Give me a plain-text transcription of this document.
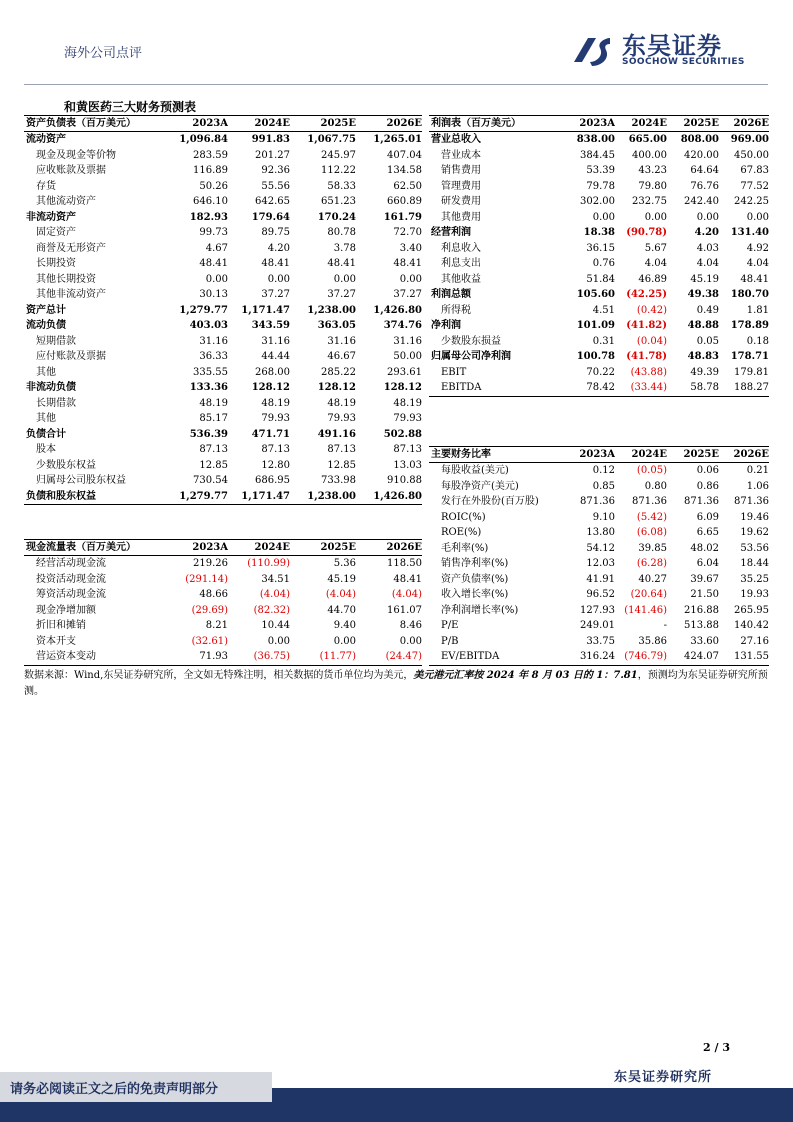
海外公司点评	东吴证券
SOOCHOW SECURITIES
和黄医药三大财务预测表
资产负债表（百万美元）	2023A	2024E	2025E	2026E
流动资产	1,096.84	991.83	1,067.75	1,265.01
现金及现金等价物	283.59	201.27	245.97	407.04
应收账款及票据	116.89	92.36	112.22	134.58
存货	50.26	55.56	58.33	62.50
其他流动资产	646.10	642.65	651.23	660.89
非流动资产	182.93	179.64	170.24	161.79
固定资产	99.73	89.75	80.78	72.70
商誉及无形资产	4.67	4.20	3.78	3.40
长期投资	48.41	48.41	48.41	48.41
其他长期投资	0.00	0.00	0.00	0.00
其他非流动资产	30.13	37.27	37.27	37.27
资产总计	1,279.77	1,171.47	1,238.00	1,426.80
流动负债	403.03	343.59	363.05	374.76
短期借款	31.16	31.16	31.16	31.16
应付账款及票据	36.33	44.44	46.67	50.00
其他	335.55	268.00	285.22	293.61
非流动负债	133.36	128.12	128.12	128.12
长期借款	48.19	48.19	48.19	48.19
其他	85.17	79.93	79.93	79.93
负债合计	536.39	471.71	491.16	502.88
股本	87.13	87.13	87.13	87.13
少数股东权益	12.85	12.80	12.85	13.03
归属母公司股东权益	730.54	686.95	733.98	910.88
负债和股东权益	1,279.77	1,171.47	1,238.00	1,426.80
利润表（百万美元）	2023A	2024E	2025E	2026E
营业总收入	838.00	665.00	808.00	969.00
营业成本	384.45	400.00	420.00	450.00
销售费用	53.39	43.23	64.64	67.83
管理费用	79.78	79.80	76.76	77.52
研发费用	302.00	232.75	242.40	242.25
其他费用	0.00	0.00	0.00	0.00
经营利润	18.38	(90.78)	4.20	131.40
利息收入	36.15	5.67	4.03	4.92
利息支出	0.76	4.04	4.04	4.04
其他收益	51.84	46.89	45.19	48.41
利润总额	105.60	(42.25)	49.38	180.70
所得税	4.51	(0.42)	0.49	1.81
净利润	101.09	(41.82)	48.88	178.89
少数股东损益	0.31	(0.04)	0.05	0.18
归属母公司净利润	100.78	(41.78)	48.83	178.71
EBIT	70.22	(43.88)	49.39	179.81
EBITDA	78.42	(33.44)	58.78	188.27
主要财务比率	2023A	2024E	2025E	2026E
每股收益(美元)	0.12	(0.05)	0.06	0.21
每股净资产(美元)	0.85	0.80	0.86	1.06
发行在外股份(百万股)	871.36	871.36	871.36	871.36
ROIC(%)	9.10	(5.42)	6.09	19.46
ROE(%)	13.80	(6.08)	6.65	19.62
毛利率(%)	54.12	39.85	48.02	53.56
销售净利率(%)	12.03	(6.28)	6.04	18.44
资产负债率(%)	41.91	40.27	39.67	35.25
收入增长率(%)	96.52	(20.64)	21.50	19.93
净利润增长率(%)	127.93	(141.46)	216.88	265.95
P/E	249.01	-	513.88	140.42
P/B	33.75	35.86	33.60	27.16
EV/EBITDA	316.24	(746.79)	424.07	131.55
现金流量表（百万美元）	2023A	2024E	2025E	2026E
经营活动现金流	219.26	(110.99)	5.36	118.50
投资活动现金流	(291.14)	34.51	45.19	48.41
筹资活动现金流	48.66	(4.04)	(4.04)	(4.04)
现金净增加额	(29.69)	(82.32)	44.70	161.07
折旧和摊销	8.21	10.44	9.40	8.46
资本开支	(32.61)	0.00	0.00	0.00
营运资本变动	71.93	(36.75)	(11.77)	(24.47)
数据来源：Wind,东吴证券研究所，全文如无特殊注明，相关数据的货币单位均为美元，美元港元汇率按 2024 年 8 月 03 日的 1：7.81，预测均为东吴证券研究所预测。
2 / 3
东吴证券研究所
请务必阅读正文之后的免责声明部分
